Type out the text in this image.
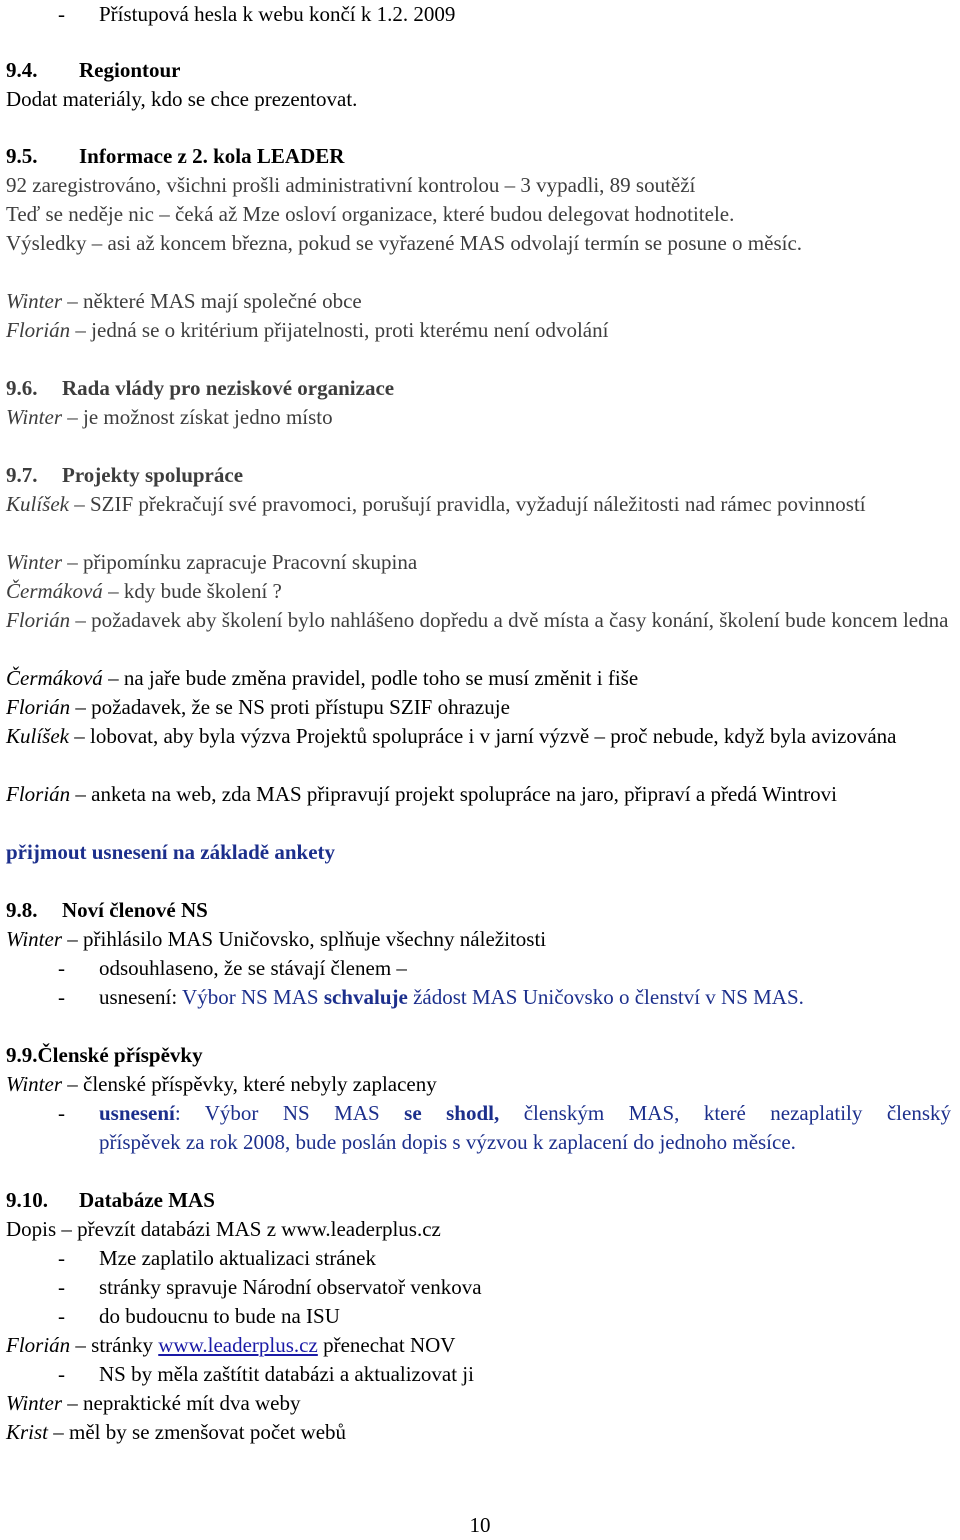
- Přístupová hesla k webu končí k 1.2. 2009
9.4. Regiontour
Dodat materiály, kdo se chce prezentovat.
9.5. Informace z 2. kola LEADER
92 zaregistrováno, všichni prošli administrativní kontrolou – 3 vypadli, 89 soutěží
Teď se neděje nic – čeká až Mze osloví organizace, které budou delegovat hodnotitele.
Výsledky – asi až koncem března, pokud se vyřazené MAS odvolají termín se posune o měsíc.
Winter – některé MAS mají společné obce
Florián – jedná se o kritérium přijatelnosti, proti kterému není odvolání
9.6. Rada vlády pro neziskové organizace
Winter – je možnost získat jedno místo
9.7. Projekty spolupráce
Kulíšek – SZIF překračují své pravomoci, porušují pravidla, vyžadují náležitosti nad rámec povinností
Winter – připomínku zapracuje Pracovní skupina
Čermáková – kdy bude školení ?
Florián – požadavek aby školení bylo nahlášeno dopředu a dvě místa a časy konání, školení bude koncem ledna
Čermáková – na jaře bude změna pravidel, podle toho se musí změnit i fiše
Florián – požadavek, že se NS proti přístupu SZIF ohrazuje
Kulíšek – lobovat, aby byla výzva Projektů spolupráce i v jarní výzvě – proč nebude, když byla avizována
Florián – anketa na web, zda MAS připravují projekt spolupráce na jaro, připraví a předá Wintrovi
přijmout usnesení na základě ankety
9.8. Noví členové NS
Winter – přihlásilo MAS Uničovsko, splňuje všechny náležitosti
- odsouhlaseno, že se stávají členem –
- usnesení: Výbor NS MAS schvaluje žádost MAS Uničovsko o členství v NS MAS.
9.9.Členské příspěvky
Winter – členské příspěvky, které nebyly zaplaceny
- usnesení: Výbor NS MAS se shodl, členským MAS, které nezaplatily členský
příspěvek za rok 2008, bude poslán dopis s výzvou k zaplacení do jednoho měsíce.
9.10. Databáze MAS
Dopis – převzít databázi MAS z www.leaderplus.cz
- Mze zaplatilo aktualizaci stránek
- stránky spravuje Národní observatoř venkova
- do budoucnu to bude na ISU
Florián – stránky www.leaderplus.cz přenechat NOV
- NS by měla zaštítit databázi a aktualizovat ji
Winter – nepraktické mít dva weby
Krist – měl by se zmenšovat počet webů
10
